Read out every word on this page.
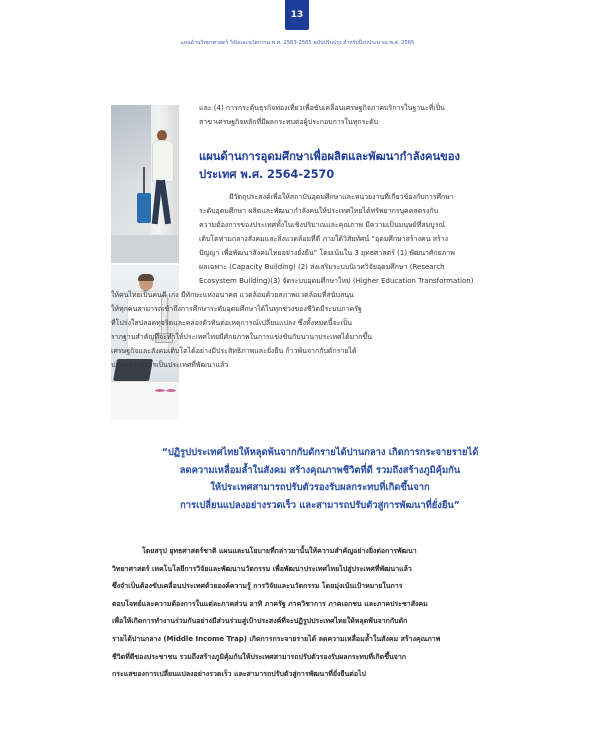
13
แผนด้านวิทยาศาสตร์ วิจัยและนวัตกรรม พ.ศ. 2563-2565 ฉบับปรับปรุง สำหรับปีงบประมาณ พ.ศ. 2565
และ (4) การกระตุ้นธุรกิจท่องเที่ยวเพื่อขับเคลื่อนเศรษฐกิจภาคบริการในฐานะที่เป็น
สาขาเศรษฐกิจหลักที่มีผลกระทบต่อผู้ประกอบการในทุกระดับ
แผนด้านการอุดมศึกษาเพื่อผลิตและพัฒนากำลังคนของ
ประเทศ พ.ศ. 2564-2570
มีวัตถุประสงค์เพื่อให้สถาบันอุดมศึกษาและหน่วยงานที่เกี่ยวข้องกับการศึกษา
ระดับอุดมศึกษา ผลิตและพัฒนากำลังคนให้ประเทศไทยได้ทรัพยากรบุคคลตรงกับ
ความต้องการของประเทศทั้งในเชิงปริมาณและคุณภาพ มีความเป็นมนุษย์ที่สมบูรณ์
เติบโตท่ามกลางสังคมและสิ่งแวดล้อมที่ดี ภายใต้วิสัยทัศน์ “อุดมศึกษาสร้างคน สร้าง
ปัญญา เพื่อพัฒนาสังคมไทยอย่างยั่งยืน” โดยเน้นใน 3 ยุทธศาสตร์ (1) พัฒนาศักยภาพ
ผลเฉพาะ (Capacity Building) (2) ส่งเสริมระบบนิเวศวิจัยอุดมศึกษา (Research
Ecosystem Building)(3) จัดระบบอุดมศึกษาใหม่ (Higher Education Transformation)
ให้คนไทยเป็นคนดี เก่ง มีทักษะแห่งอนาคต แวดล้อมด้วยสภาพแวดล้อมที่สนับสนุน
ให้ทุกคนสามารถเข้าถึงการศึกษาระดับอุดมศึกษาได้ในทุกช่วงของชีวิตมีระบบภาครัฐ
ที่โปร่งใสปลอดทุจริตและคล่องตัวทันต่อเหตุการณ์เปลี่ยนแปลง ซึ่งทั้งหมดนี้จะเป็น
รากฐานสำคัญที่จะทำให้ประเทศไทยมีศักยภาพในการแข่งขันกับนานาประเทศได้มากขึ้น
เศรษฐกิจและสังคมเติบโตได้อย่างมีประสิทธิภาพและยั่งยืน ก้าวพ้นจากกับดักรายได้
ปานกลางสู่การเป็นประเทศที่พัฒนาแล้ว
“ปฏิรูปประเทศไทยให้หลุดพ้นจากกับดักรายได้ปานกลาง เกิดการกระจายรายได้
ลดความเหลื่อมล้ำในสังคม สร้างคุณภาพชีวิตที่ดี รวมถึงสร้างภูมิคุ้มกัน
ให้ประเทศสามารถปรับตัวรองรับผลกระทบที่เกิดขึ้นจาก
การเปลี่ยนแปลงอย่างรวดเร็ว และสามารถปรับตัวสู่การพัฒนาที่ยั่งยืน”
โดยสรุป ยุทธศาสตร์ชาติ แผนและนโยบายที่กล่าวมานั้นให้ความสำคัญอย่างยิ่งต่อการพัฒนา
วิทยาศาสตร์ เทคโนโลยีการวิจัยและพัฒนานวัตกรรม เพื่อพัฒนาประเทศไทยไปสู่ประเทศที่พัฒนาแล้ว
ซึ่งจำเป็นต้องขับเคลื่อนประเทศด้วยองค์ความรู้ การวิจัยและนวัตกรรม โดยมุ่งเน้นเป้าหมายในการ
ตอบโจทย์และความต้องการในแต่ละภาคส่วน อาทิ ภาครัฐ ภาควิชาการ ภาคเอกชน และภาคประชาสังคม
เพื่อให้เกิดการทำงานร่วมกันอย่างมีส่วนร่วมสู่เป้าประสงค์ที่จะปฏิรูปประเทศไทยให้หลุดพ้นจากกับดัก
รายได้ปานกลาง (Middle Income Trap) เกิดการกระจายรายได้ ลดความเหลื่อมล้ำในสังคม สร้างคุณภาพ
ชีวิตที่ดีของประชาชน รวมถึงสร้างภูมิคุ้มกันให้ประเทศสามารถปรับตัวรองรับผลกระทบที่เกิดขึ้นจาก
กระแสของการเปลี่ยนแปลงอย่างรวดเร็ว และสามารถปรับตัวสู่การพัฒนาที่ยั่งยืนต่อไป
